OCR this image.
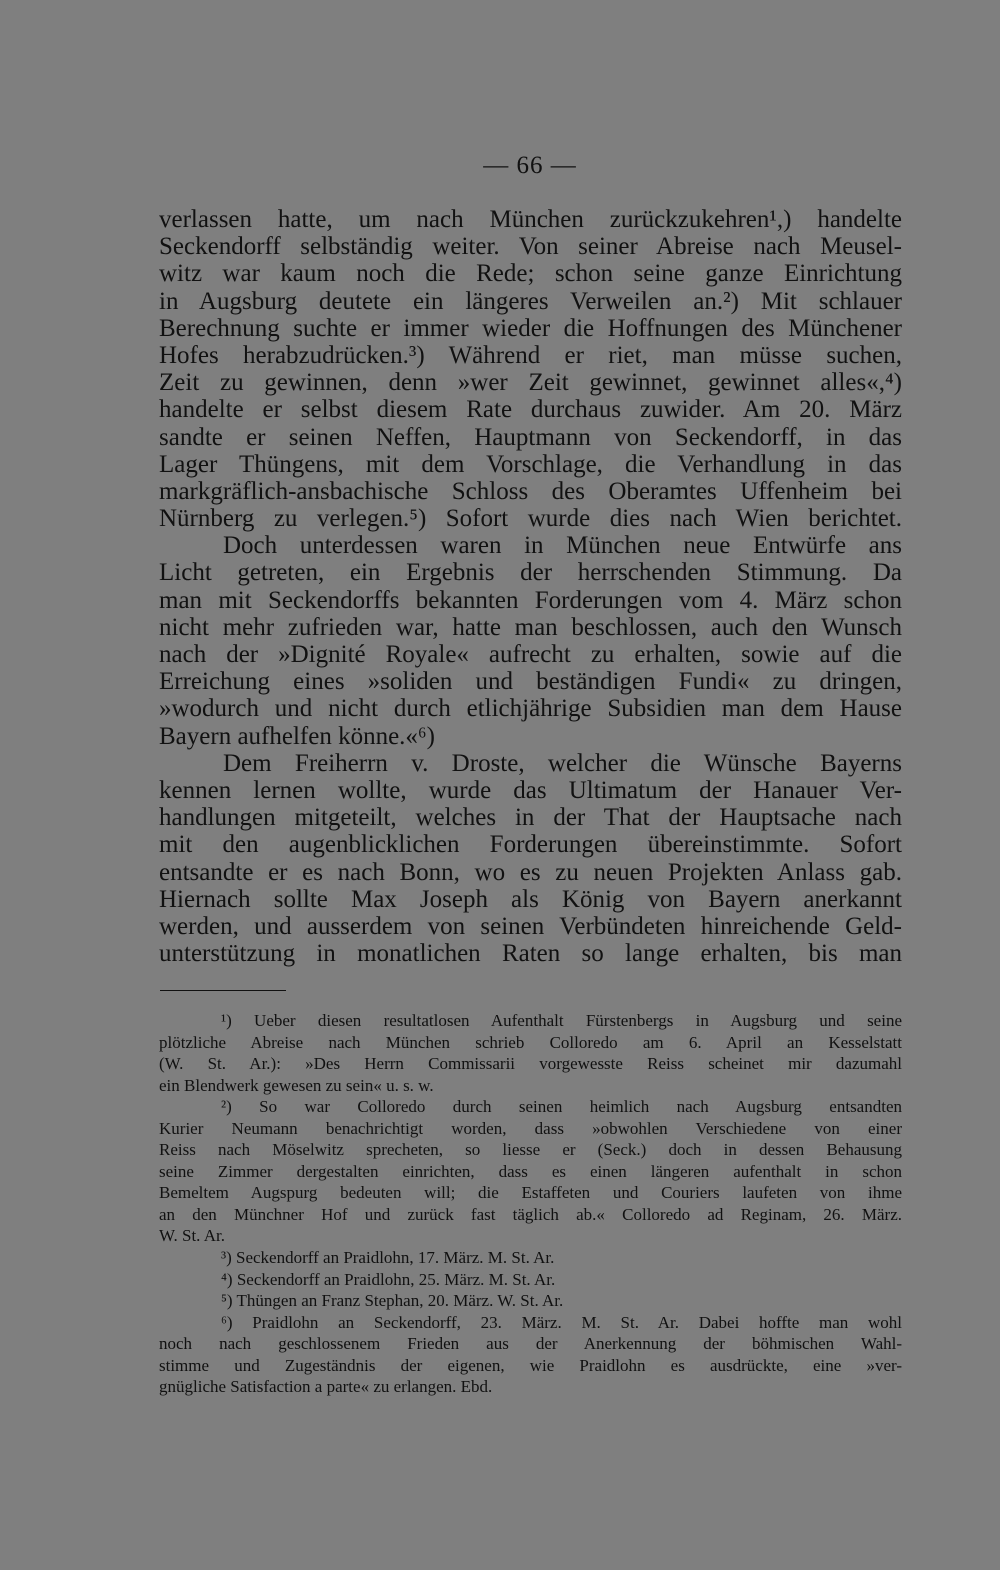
— 66 —
verlassen hatte, um nach München zurückzukehren¹,) handelte
Seckendorff selbständig weiter. Von seiner Abreise nach Meusel-
witz war kaum noch die Rede; schon seine ganze Einrichtung
in Augsburg deutete ein längeres Verweilen an.²) Mit schlauer
Berechnung suchte er immer wieder die Hoffnungen des Münchener
Hofes herabzudrücken.³) Während er riet, man müsse suchen,
Zeit zu gewinnen, denn »wer Zeit gewinnet, gewinnet alles«,⁴)
handelte er selbst diesem Rate durchaus zuwider. Am 20. März
sandte er seinen Neffen, Hauptmann von Seckendorff, in das
Lager Thüngens, mit dem Vorschlage, die Verhandlung in das
markgräflich-ansbachische Schloss des Oberamtes Uffenheim bei
Nürnberg zu verlegen.⁵) Sofort wurde dies nach Wien berichtet.
Doch unterdessen waren in München neue Entwürfe ans
Licht getreten, ein Ergebnis der herrschenden Stimmung. Da
man mit Seckendorffs bekannten Forderungen vom 4. März schon
nicht mehr zufrieden war, hatte man beschlossen, auch den Wunsch
nach der »Dignité Royale« aufrecht zu erhalten, sowie auf die
Erreichung eines »soliden und beständigen Fundi« zu dringen,
»wodurch und nicht durch etlichjährige Subsidien man dem Hause
Bayern aufhelfen könne.«⁶)
Dem Freiherrn v. Droste, welcher die Wünsche Bayerns
kennen lernen wollte, wurde das Ultimatum der Hanauer Ver-
handlungen mitgeteilt, welches in der That der Hauptsache nach
mit den augenblicklichen Forderungen übereinstimmte. Sofort
entsandte er es nach Bonn, wo es zu neuen Projekten Anlass gab.
Hiernach sollte Max Joseph als König von Bayern anerkannt
werden, und ausserdem von seinen Verbündeten hinreichende Geld-
unterstützung in monatlichen Raten so lange erhalten, bis man
¹) Ueber diesen resultatlosen Aufenthalt Fürstenbergs in Augsburg und seine
plötzliche Abreise nach München schrieb Colloredo am 6. April an Kesselstatt
(W. St. Ar.): »Des Herrn Commissarii vorgewesste Reiss scheinet mir dazumahl
ein Blendwerk gewesen zu sein« u. s. w.
²) So war Colloredo durch seinen heimlich nach Augsburg entsandten
Kurier Neumann benachrichtigt worden, dass »obwohlen Verschiedene von einer
Reiss nach Möselwitz sprecheten, so liesse er (Seck.) doch in dessen Behausung
seine Zimmer dergestalten einrichten, dass es einen längeren aufenthalt in schon
Bemeltem Augspurg bedeuten will; die Estaffeten und Couriers laufeten von ihme
an den Münchner Hof und zurück fast täglich ab.« Colloredo ad Reginam, 26. März.
W. St. Ar.
³) Seckendorff an Praidlohn, 17. März. M. St. Ar.
⁴) Seckendorff an Praidlohn, 25. März. M. St. Ar.
⁵) Thüngen an Franz Stephan, 20. März. W. St. Ar.
⁶) Praidlohn an Seckendorff, 23. März. M. St. Ar. Dabei hoffte man wohl
noch nach geschlossenem Frieden aus der Anerkennung der böhmischen Wahl-
stimme und Zugeständnis der eigenen, wie Praidlohn es ausdrückte, eine »ver-
gnügliche Satisfaction a parte« zu erlangen. Ebd.
